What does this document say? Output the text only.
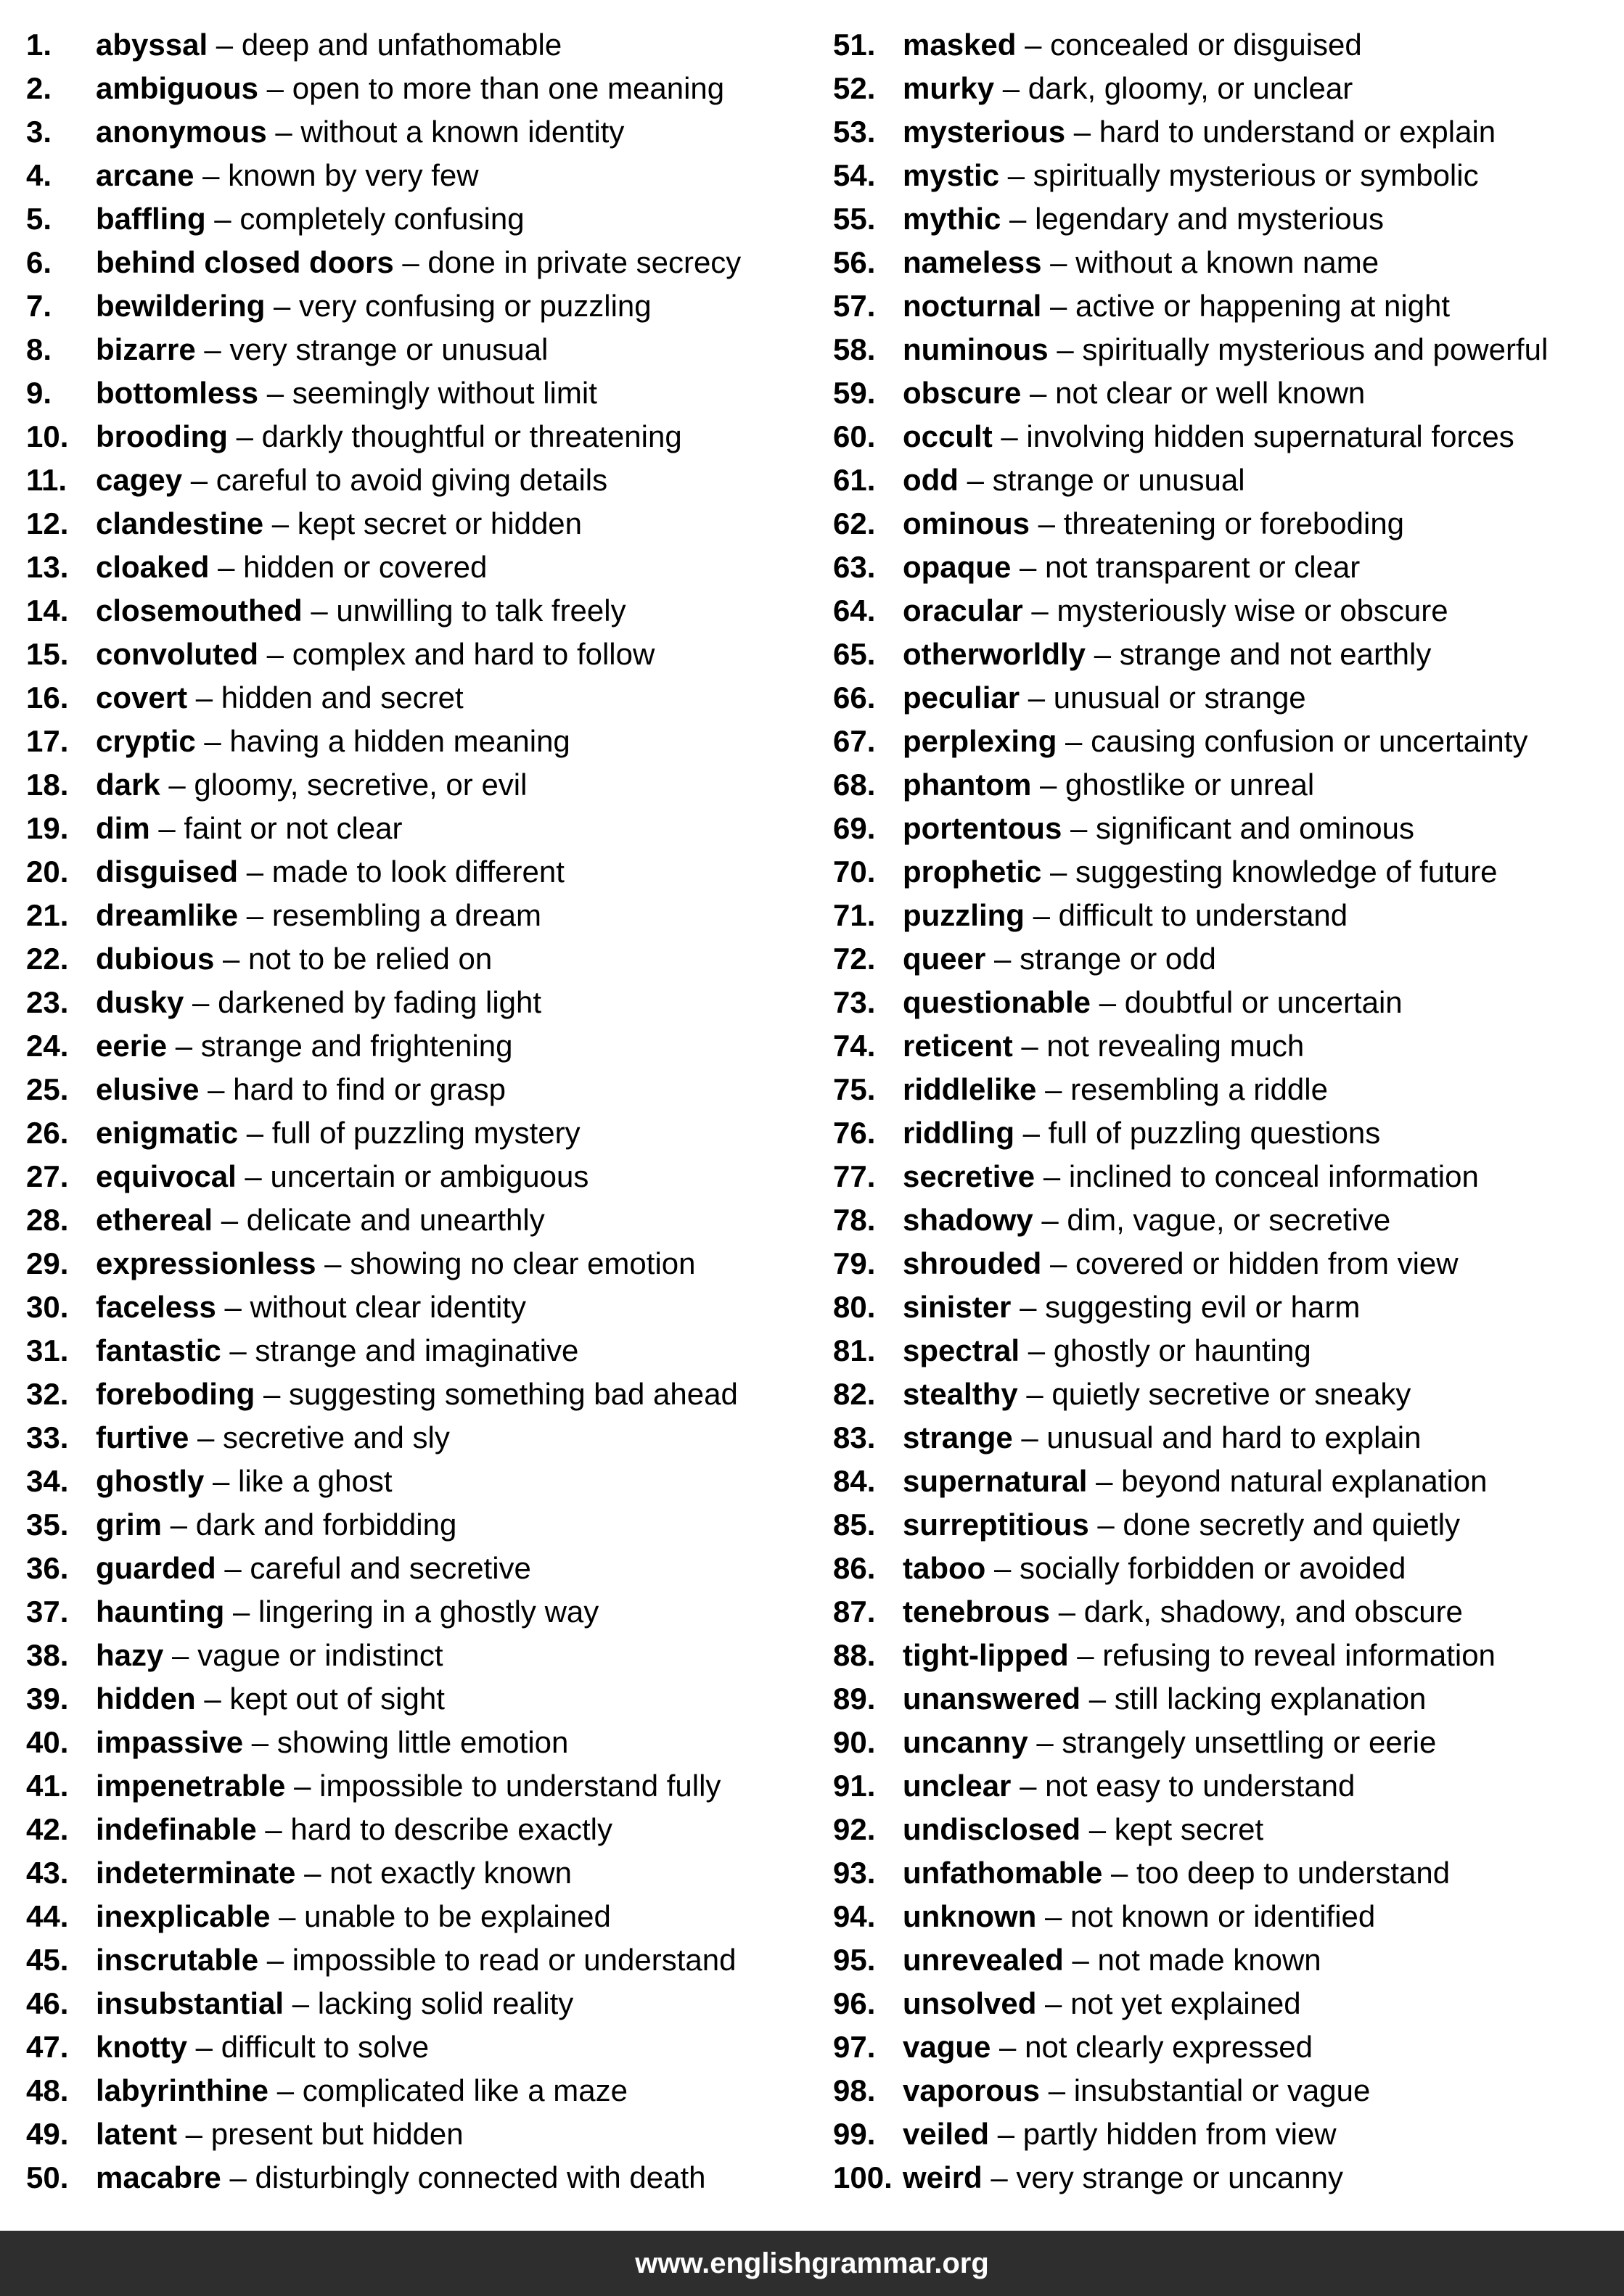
1. abyssal – deep and unfathomable
2. ambiguous – open to more than one meaning
3. anonymous – without a known identity
4. arcane – known by very few
5. baffling – completely confusing
6. behind closed doors – done in private secrecy
7. bewildering – very confusing or puzzling
8. bizarre – very strange or unusual
9. bottomless – seemingly without limit
10. brooding – darkly thoughtful or threatening
11. cagey – careful to avoid giving details
12. clandestine – kept secret or hidden
13. cloaked – hidden or covered
14. closemouthed – unwilling to talk freely
15. convoluted – complex and hard to follow
16. covert – hidden and secret
17. cryptic – having a hidden meaning
18. dark – gloomy, secretive, or evil
19. dim – faint or not clear
20. disguised – made to look different
21. dreamlike – resembling a dream
22. dubious – not to be relied on
23. dusky – darkened by fading light
24. eerie – strange and frightening
25. elusive – hard to find or grasp
26. enigmatic – full of puzzling mystery
27. equivocal – uncertain or ambiguous
28. ethereal – delicate and unearthly
29. expressionless – showing no clear emotion
30. faceless – without clear identity
31. fantastic – strange and imaginative
32. foreboding – suggesting something bad ahead
33. furtive – secretive and sly
34. ghostly – like a ghost
35. grim – dark and forbidding
36. guarded – careful and secretive
37. haunting – lingering in a ghostly way
38. hazy – vague or indistinct
39. hidden – kept out of sight
40. impassive – showing little emotion
41. impenetrable – impossible to understand fully
42. indefinable – hard to describe exactly
43. indeterminate – not exactly known
44. inexplicable – unable to be explained
45. inscrutable – impossible to read or understand
46. insubstantial – lacking solid reality
47. knotty – difficult to solve
48. labyrinthine – complicated like a maze
49. latent – present but hidden
50. macabre – disturbingly connected with death
51. masked – concealed or disguised
52. murky – dark, gloomy, or unclear
53. mysterious – hard to understand or explain
54. mystic – spiritually mysterious or symbolic
55. mythic – legendary and mysterious
56. nameless – without a known name
57. nocturnal – active or happening at night
58. numinous – spiritually mysterious and powerful
59. obscure – not clear or well known
60. occult – involving hidden supernatural forces
61. odd – strange or unusual
62. ominous – threatening or foreboding
63. opaque – not transparent or clear
64. oracular – mysteriously wise or obscure
65. otherworldly – strange and not earthly
66. peculiar – unusual or strange
67. perplexing – causing confusion or uncertainty
68. phantom – ghostlike or unreal
69. portentous – significant and ominous
70. prophetic – suggesting knowledge of future
71. puzzling – difficult to understand
72. queer – strange or odd
73. questionable – doubtful or uncertain
74. reticent – not revealing much
75. riddlelike – resembling a riddle
76. riddling – full of puzzling questions
77. secretive – inclined to conceal information
78. shadowy – dim, vague, or secretive
79. shrouded – covered or hidden from view
80. sinister – suggesting evil or harm
81. spectral – ghostly or haunting
82. stealthy – quietly secretive or sneaky
83. strange – unusual and hard to explain
84. supernatural – beyond natural explanation
85. surreptitious – done secretly and quietly
86. taboo – socially forbidden or avoided
87. tenebrous – dark, shadowy, and obscure
88. tight-lipped – refusing to reveal information
89. unanswered – still lacking explanation
90. uncanny – strangely unsettling or eerie
91. unclear – not easy to understand
92. undisclosed – kept secret
93. unfathomable – too deep to understand
94. unknown – not known or identified
95. unrevealed – not made known
96. unsolved – not yet explained
97. vague – not clearly expressed
98. vaporous – insubstantial or vague
99. veiled – partly hidden from view
100. weird – very strange or uncanny
www.englishgrammar.org
